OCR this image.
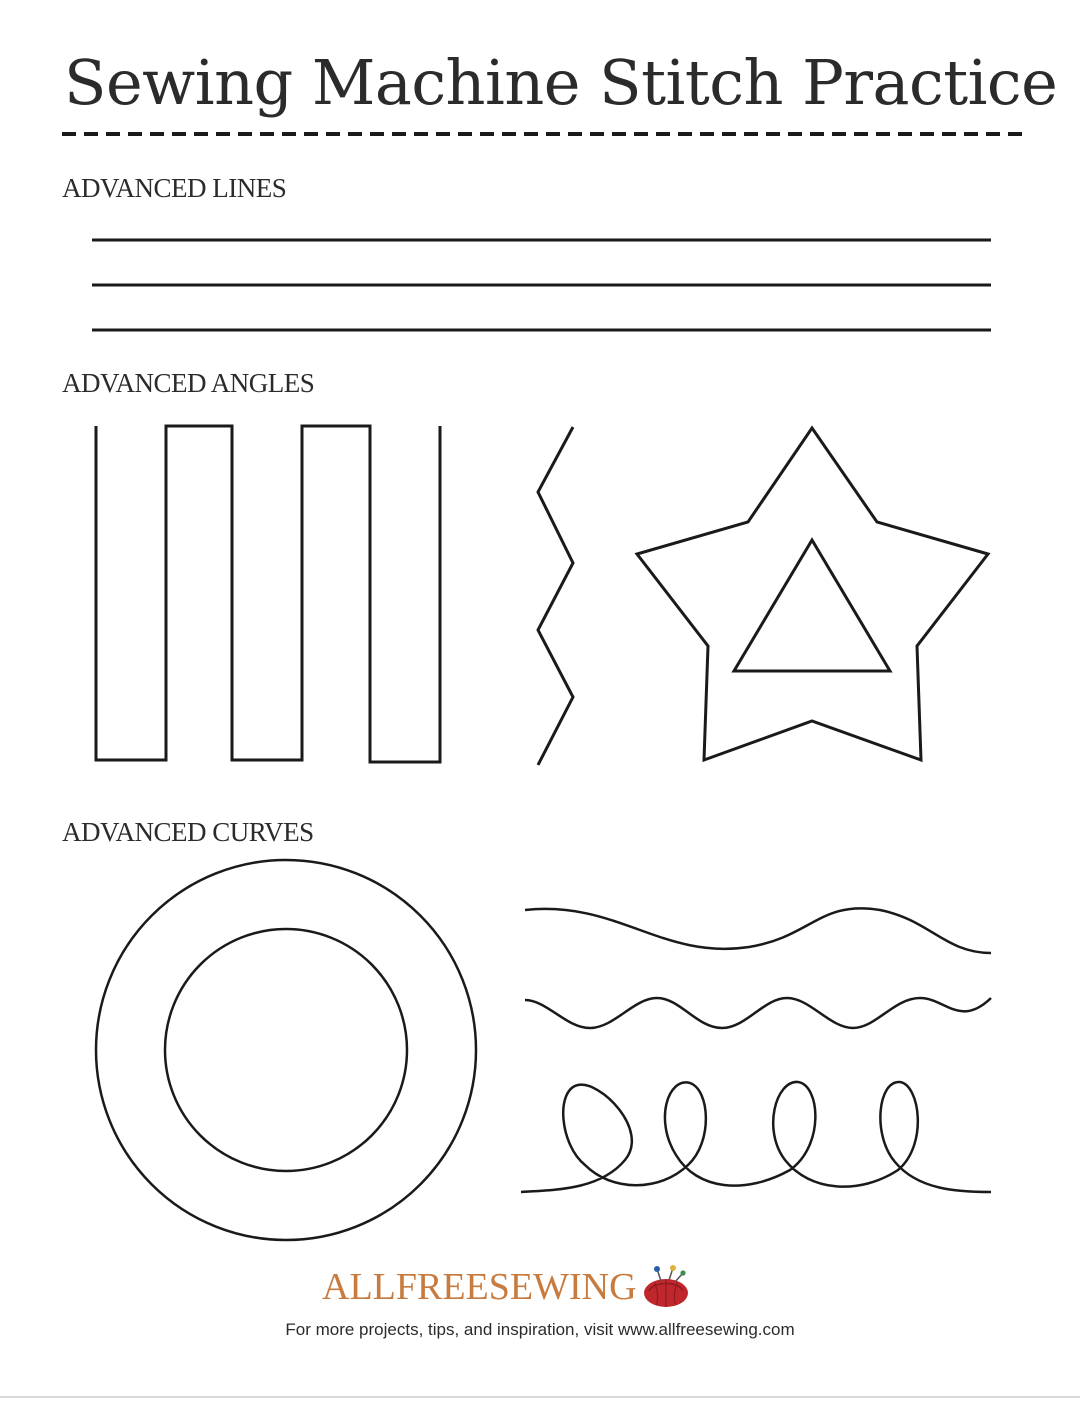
Sewing Machine Stitch Practice
ADVANCED LINES
ADVANCED ANGLES
ADVANCED CURVES
ALLFREESEWING
For more projects, tips, and inspiration, visit www.allfreesewing.com
